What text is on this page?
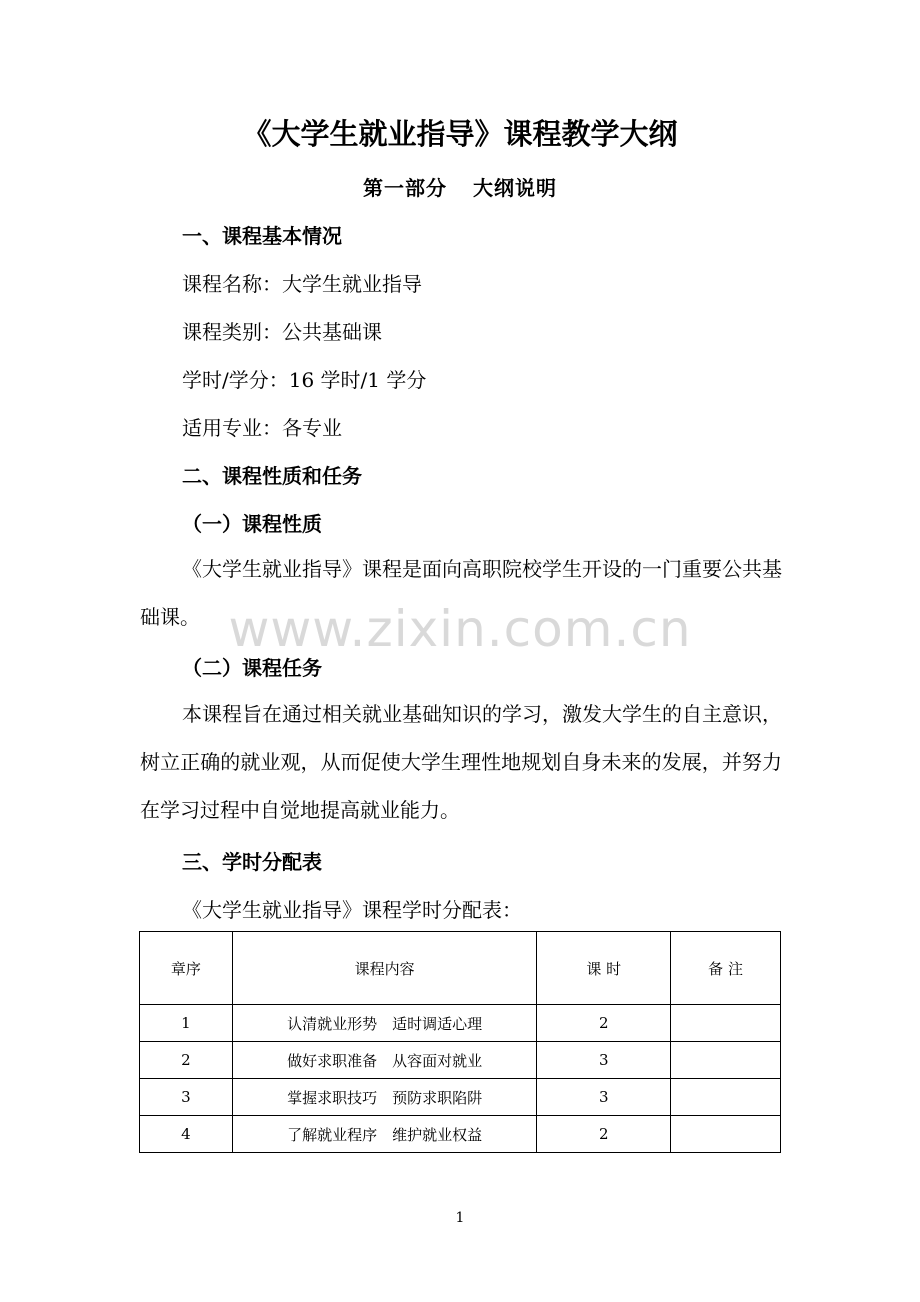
《大学生就业指导》课程教学大纲
第一部分 大纲说明
一、课程基本情况
课程名称：大学生就业指导
课程类别：公共基础课
学时/学分：16 学时/1 学分
适用专业：各专业
二、课程性质和任务
（一）课程性质
《大学生就业指导》课程是面向高职院校学生开设的一门重要公共基础课。 www.zixin.com.cn
（二）课程任务
本课程旨在通过相关就业基础知识的学习，激发大学生的自主意识，树立正确的就业观，从而促使大学生理性地规划自身未来的发展，并努力在学习过程中自觉地提高就业能力。
三、学时分配表
《大学生就业指导》课程学时分配表：
章序	课程内容	课 时	备 注
1	认清就业形势　适时调适心理	2	
2	做好求职准备　从容面对就业	3	
3	掌握求职技巧　预防求职陷阱	3	
4	了解就业程序　维护就业权益	2	
1
